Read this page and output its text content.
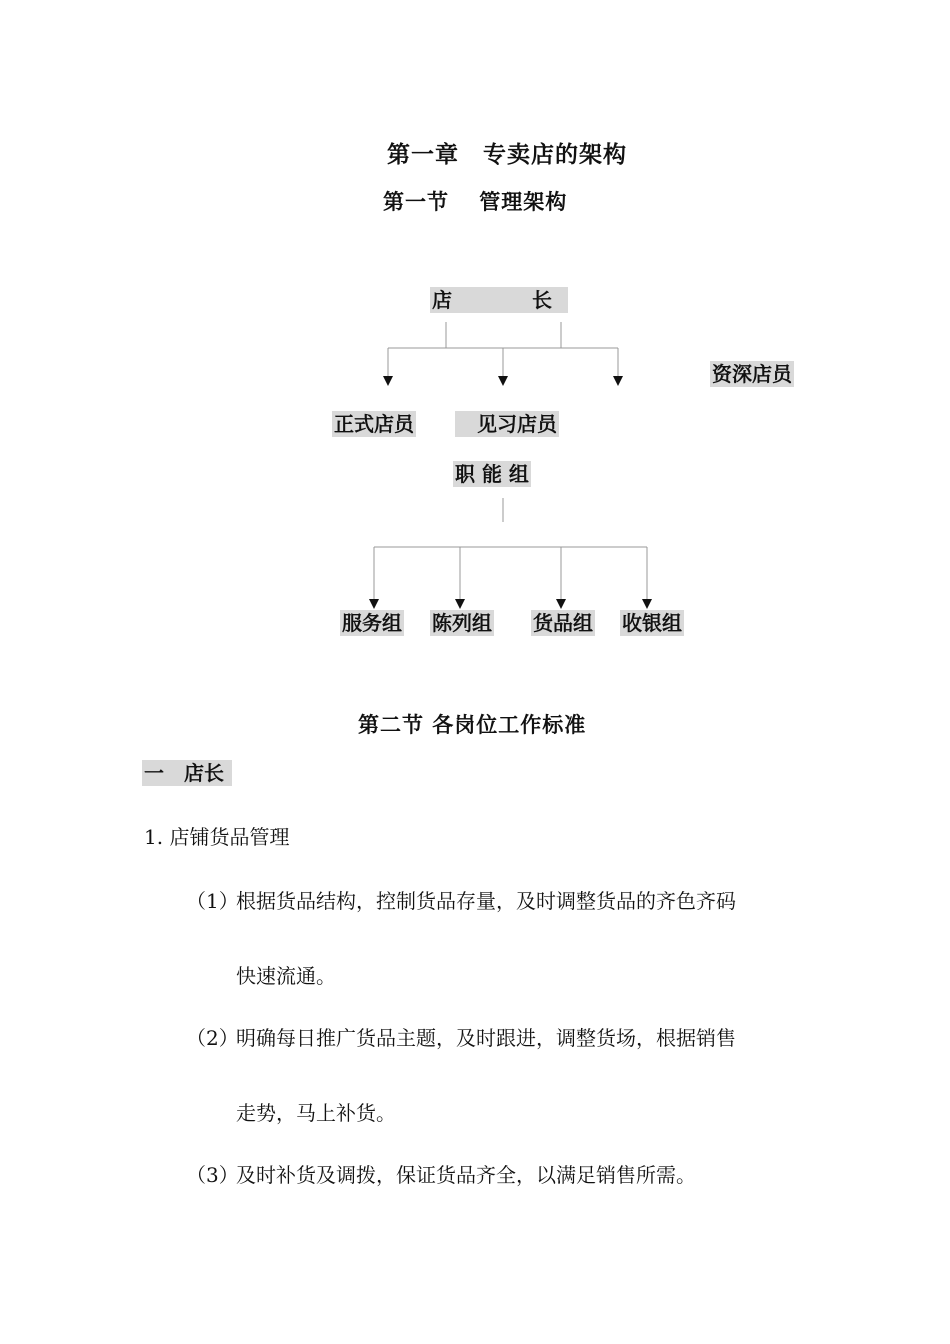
第一章　专卖店的架构
第一节　 管理架构
店　　　　长
资深店员
正式店员 　见习店员
职 能 组
服务组 陈列组 货品组 收银组
第二节 各岗位工作标准
一　店长
1. 店铺货品管理
（1）
根据货品结构，控制货品存量，及时调整货品的齐色齐码
快速流通。
（2）
明确每日推广货品主题，及时跟进，调整货场，根据销售
走势，马上补货。
（3）
及时补货及调拨，保证货品齐全，以满足销售所需。
